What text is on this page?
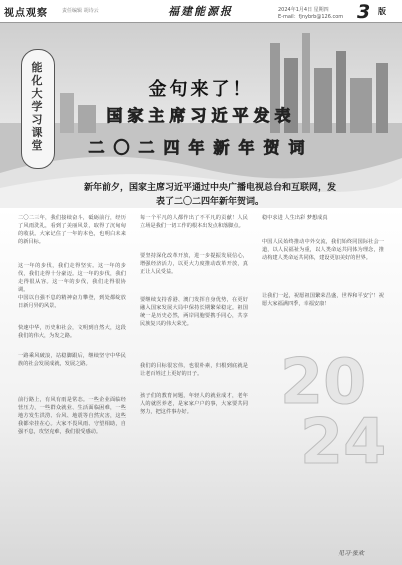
视点观察	责任编辑 胡诗云	福建能源报	2024年1月4日 星期四
E-mail：fjnybrb@126.com 3 版
能化大学习课堂
金句来了！
国家主席习近平发表
二〇二四年新年贺词
新年前夕，国家主席习近平通过中央广播电视总台和互联网，发表了二〇二四年新年贺词。
20
24
二〇二三年，我们接续奋斗，砥砺前行，经历了风雨洗礼，看到了美丽风景，取得了沉甸甸的收获。大家记住了一年的本色，也明白未来的新目标。
这一年的步伐，我们走得坚实。这一年的步伐，我们走得十分豪迈。这一年的步伐，我们走得很从容。这一年的步伐，我们走得很协调。
中国以自强不息的精神奋力攀登，到处都绽放日新月异的风景。
快速中华，历史和社会，文明到自然大，这段我们的伟大，为发之路。
一路乘风破浪，站稳脚跟后，继续坚守中华民族的社会发展成就，发展之路。
前行路上，有风有雨是常态。一些企业面临经营压力，一些群众就业、生活面临困难，一些地方发生洪涝、台风、地震等自然灾害，这些我都牵挂在心。大家不畏风雨、守望相助，自强不息，攻坚克难，我们很受感动。
每一个平凡的人都作出了不平凡的贡献！人民立场是我们一切工作的根本出发点和落脚点。
要坚持深化改革开放，进一步提振发展信心，增强经济活力，以更大力度推动改革开放，真正让人民受益。
要继续支持香港、澳门发挥自身优势，在更好融入国家发展大局中保持长期繁荣稳定。祖国统一是历史必然，两岸同胞要携手同心，共享民族复兴的伟大荣光。
我们的目标很宏伟，也很朴素，归根到底就是让老百姓过上更好的日子。
孩子们的教育问题，年轻人的就业成才，老年人的就医养老，是家家户户的事，大家要共同努力，把这件事办好。
稳中求进 人生出彩 梦想成真
中国人民始终推动中外交流，我们始终同国际社会一道，以人民福祉为重，以人类命运共同体为理念，推动构建人类命运共同体，建设更加美好的世界。
让我们一起，祝愿祖国繁荣昌盛，世界和平安宁！祝愿大家福满四季，幸福安康！
见习·张欢
